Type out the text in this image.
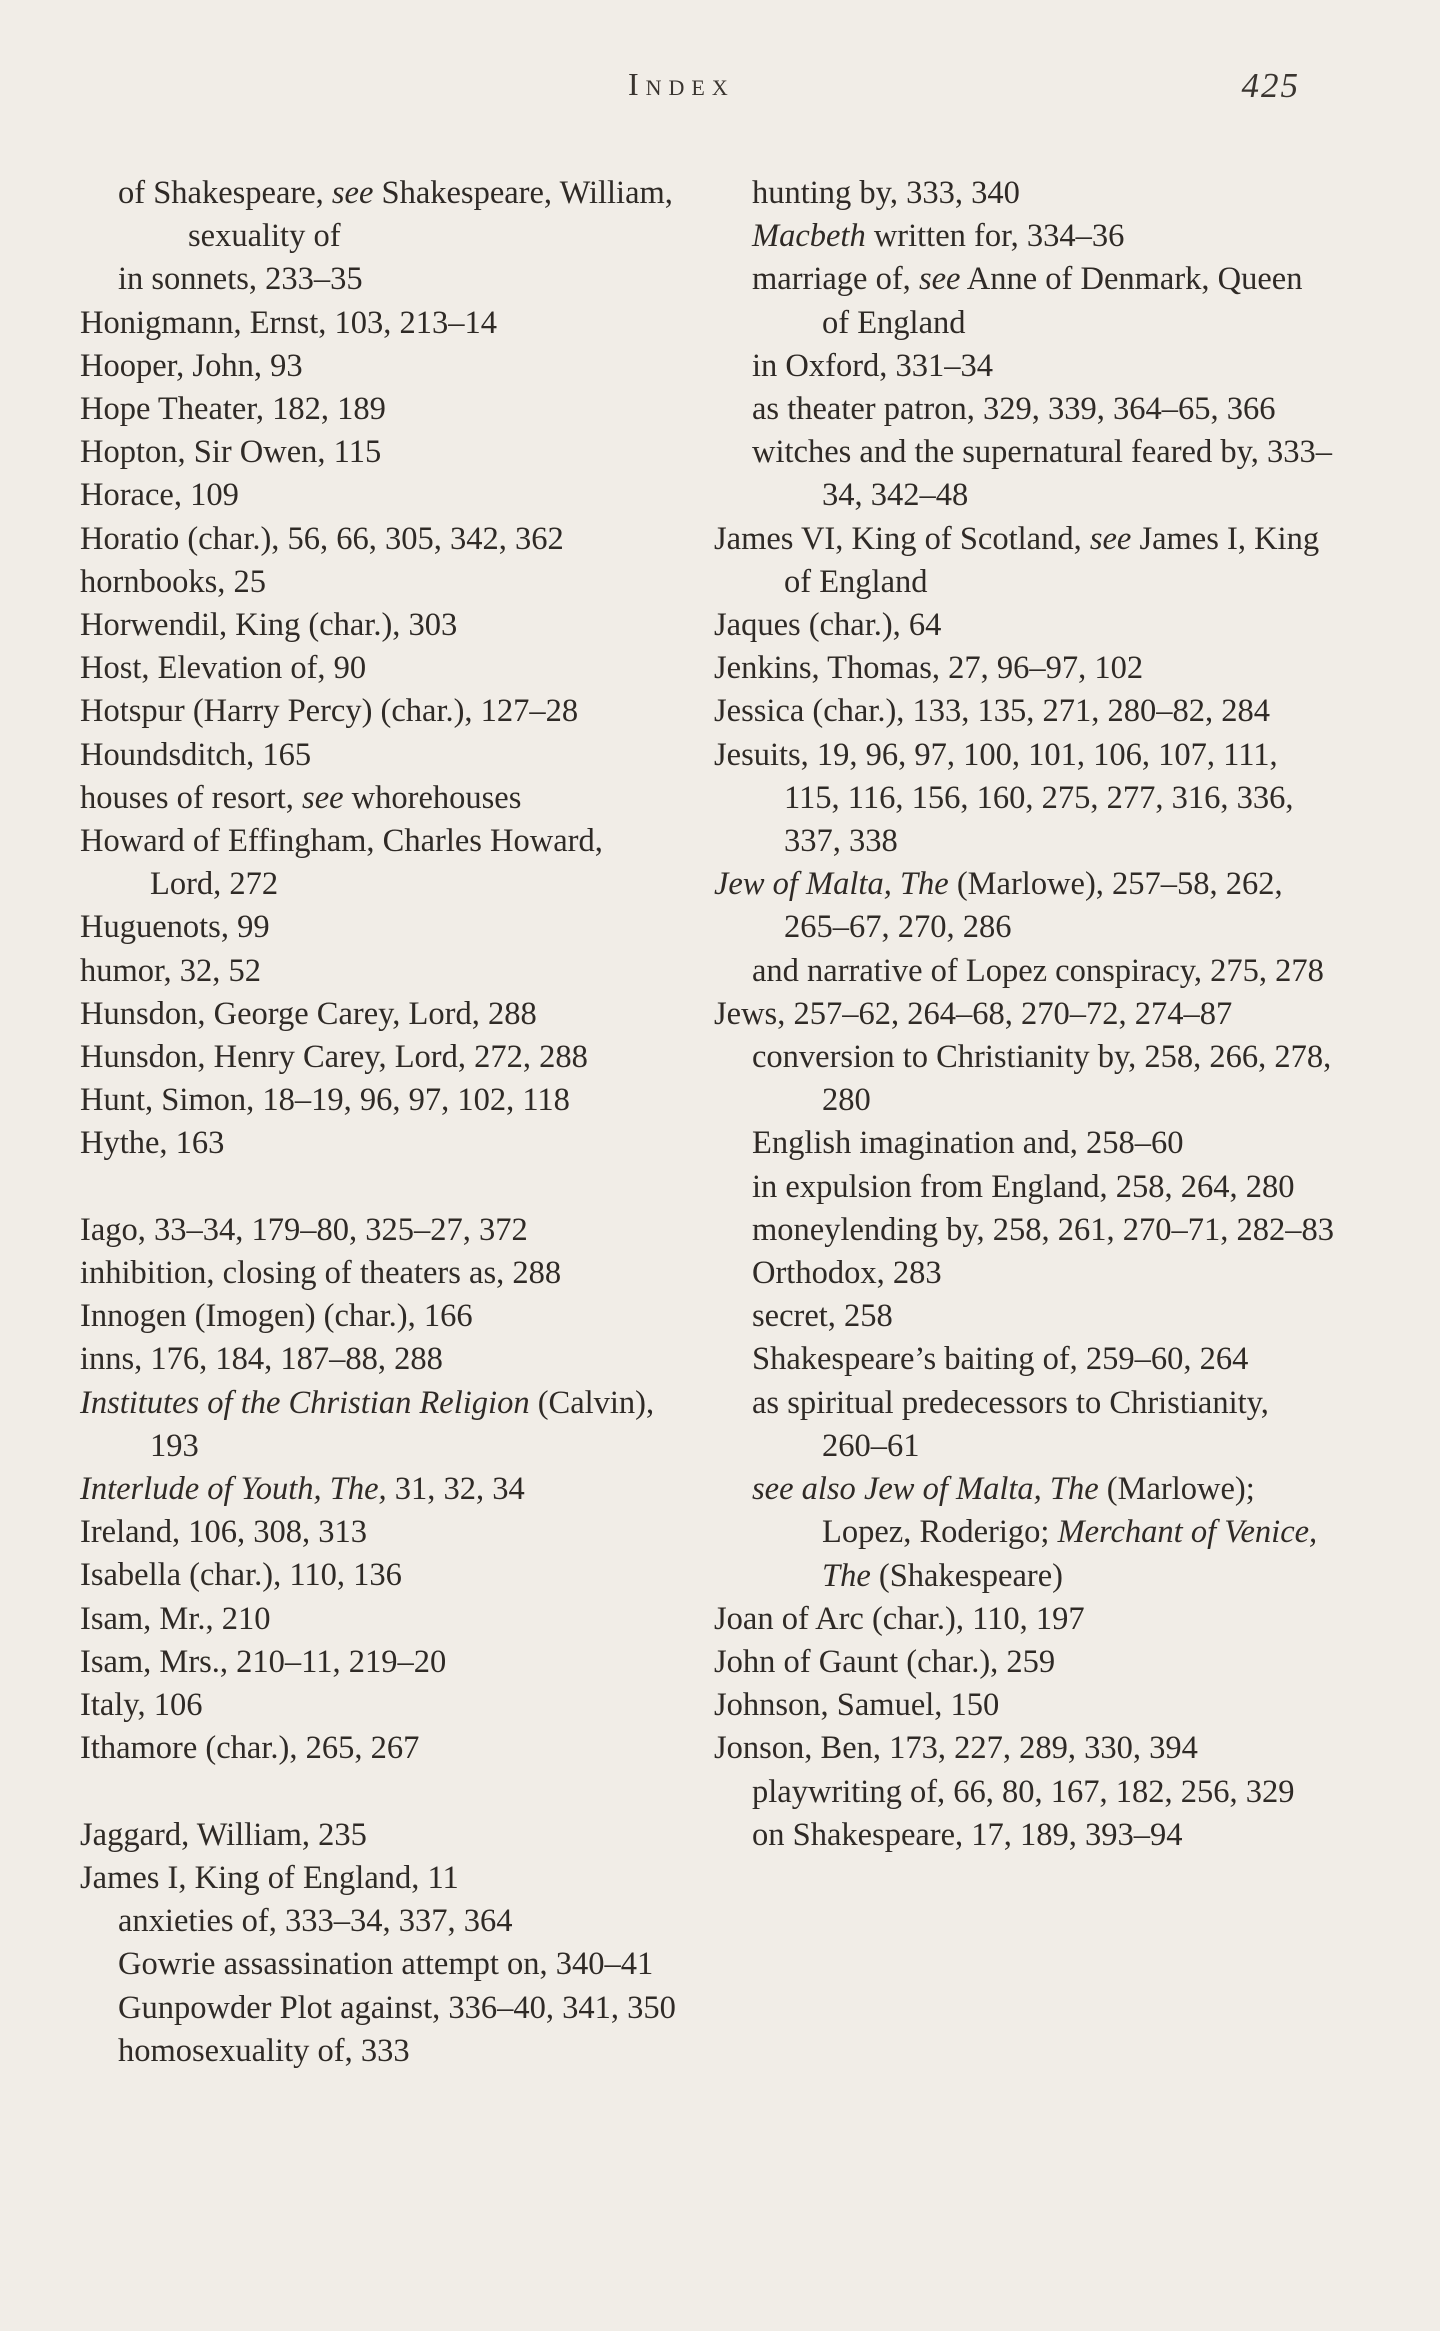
Index	425
of Shakespeare, see Shakespeare, William, sexuality of
in sonnets, 233–35
Honigmann, Ernst, 103, 213–14
Hooper, John, 93
Hope Theater, 182, 189
Hopton, Sir Owen, 115
Horace, 109
Horatio (char.), 56, 66, 305, 342, 362
hornbooks, 25
Horwendil, King (char.), 303
Host, Elevation of, 90
Hotspur (Harry Percy) (char.), 127–28
Houndsditch, 165
houses of resort, see whorehouses
Howard of Effingham, Charles Howard, Lord, 272
Huguenots, 99
humor, 32, 52
Hunsdon, George Carey, Lord, 288
Hunsdon, Henry Carey, Lord, 272, 288
Hunt, Simon, 18–19, 96, 97, 102, 118
Hythe, 163
Iago, 33–34, 179–80, 325–27, 372
inhibition, closing of theaters as, 288
Innogen (Imogen) (char.), 166
inns, 176, 184, 187–88, 288
Institutes of the Christian Religion (Calvin), 193
Interlude of Youth, The, 31, 32, 34
Ireland, 106, 308, 313
Isabella (char.), 110, 136
Isam, Mr., 210
Isam, Mrs., 210–11, 219–20
Italy, 106
Ithamore (char.), 265, 267
Jaggard, William, 235
James I, King of England, 11
anxieties of, 333–34, 337, 364
Gowrie assassination attempt on, 340–41
Gunpowder Plot against, 336–40, 341, 350
homosexuality of, 333
hunting by, 333, 340
Macbeth written for, 334–36
marriage of, see Anne of Denmark, Queen of England
in Oxford, 331–34
as theater patron, 329, 339, 364–65, 366
witches and the supernatural feared by, 333–34, 342–48
James VI, King of Scotland, see James I, King of England
Jaques (char.), 64
Jenkins, Thomas, 27, 96–97, 102
Jessica (char.), 133, 135, 271, 280–82, 284
Jesuits, 19, 96, 97, 100, 101, 106, 107, 111, 115, 116, 156, 160, 275, 277, 316, 336, 337, 338
Jew of Malta, The (Marlowe), 257–58, 262, 265–67, 270, 286
and narrative of Lopez conspiracy, 275, 278
Jews, 257–62, 264–68, 270–72, 274–87
conversion to Christianity by, 258, 266, 278, 280
English imagination and, 258–60
in expulsion from England, 258, 264, 280
moneylending by, 258, 261, 270–71, 282–83
Orthodox, 283
secret, 258
Shakespeare’s baiting of, 259–60, 264
as spiritual predecessors to Christianity, 260–61
see also Jew of Malta, The (Marlowe); Lopez, Roderigo; Merchant of Venice, The (Shakespeare)
Joan of Arc (char.), 110, 197
John of Gaunt (char.), 259
Johnson, Samuel, 150
Jonson, Ben, 173, 227, 289, 330, 394
playwriting of, 66, 80, 167, 182, 256, 329
on Shakespeare, 17, 189, 393–94
